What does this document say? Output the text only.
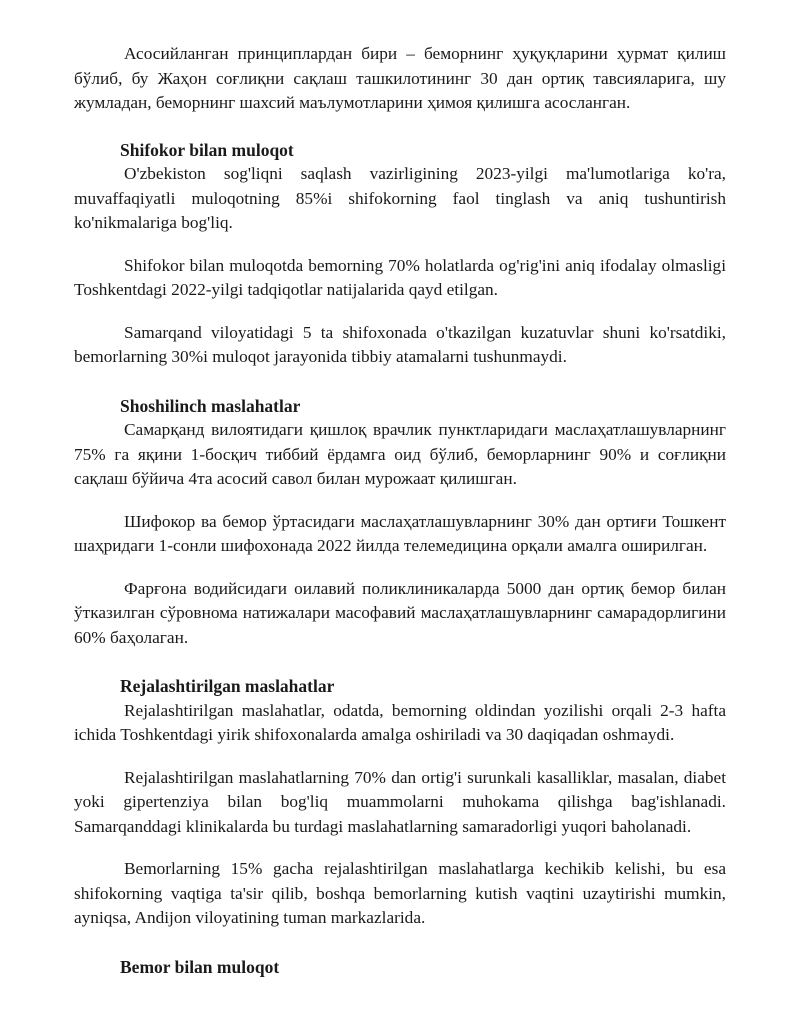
Асосийланган принциплардан бири – беморнинг ҳуқуқларини ҳурмат қилиш бўлиб, бу Жаҳон соғлиқни сақлаш ташкилотининг 30 дан ортиқ тавсияларига, шу жумладан, беморнинг шахсий маълумотларини ҳимоя қилишга асосланган.

Shifokor bilan muloqot

O'zbekiston sog'liqni saqlash vazirligining 2023-yilgi ma'lumotlariga ko'ra, muvaffaqiyatli muloqotning 85%i shifokorning faol tinglash va aniq tushuntirish ko'nikmalariga bog'liq.

Shifokor bilan muloqotda bemorning 70% holatlarda og'rig'ini aniq ifodalay olmasligi Toshkentdagi 2022-yilgi tadqiqotlar natijalarida qayd etilgan.

Samarqand viloyatidagi 5 ta shifoxonada o'tkazilgan kuzatuvlar shuni ko'rsatdiki, bemorlarning 30%i muloqot jarayonida tibbiy atamalarni tushunmaydi.

Shoshilinch maslahatlar

Самарқанд вилоятидаги қишлоқ врачлик пунктларидаги маслаҳатлашувларнинг 75% га яқини 1-босқич тиббий ёрдамга оид бўлиб, беморларнинг 90% и соғлиқни сақлаш бўйича 4та асосий савол билан мурожаат қилишган.

Шифокор ва бемор ўртасидаги маслаҳатлашувларнинг 30% дан ортиғи Тошкент шаҳридаги 1-сонли шифохонада 2022 йилда телемедицина орқали амалга оширилган.

Фарғона водийсидаги оилавий поликлиникаларда 5000 дан ортиқ бемор билан ўтказилган сўровнома натижалари масофавий маслаҳатлашувларнинг самарадорлигини 60% баҳолаган.

Rejalashtirilgan maslahatlar

Rejalashtirilgan maslahatlar, odatda, bemorning oldindan yozilishi orqali 2-3 hafta ichida Toshkentdagi yirik shifoxonalarda amalga oshiriladi va 30 daqiqadan oshmaydi.

Rejalashtirilgan maslahatlarning 70% dan ortig'i surunkali kasalliklar, masalan, diabet yoki gipertenziya bilan bog'liq muammolarni muhokama qilishga bag'ishlanadi. Samarqanddagi klinikalarda bu turdagi maslahatlarning samaradorligi yuqori baholanadi.

Bemorlarning 15% gacha rejalashtirilgan maslahatlarga kechikib kelishi, bu esa shifokorning vaqtiga ta'sir qilib, boshqa bemorlarning kutish vaqtini uzaytirishi mumkin, ayniqsa, Andijon viloyatining tuman markazlarida.

Bemor bilan muloqot
